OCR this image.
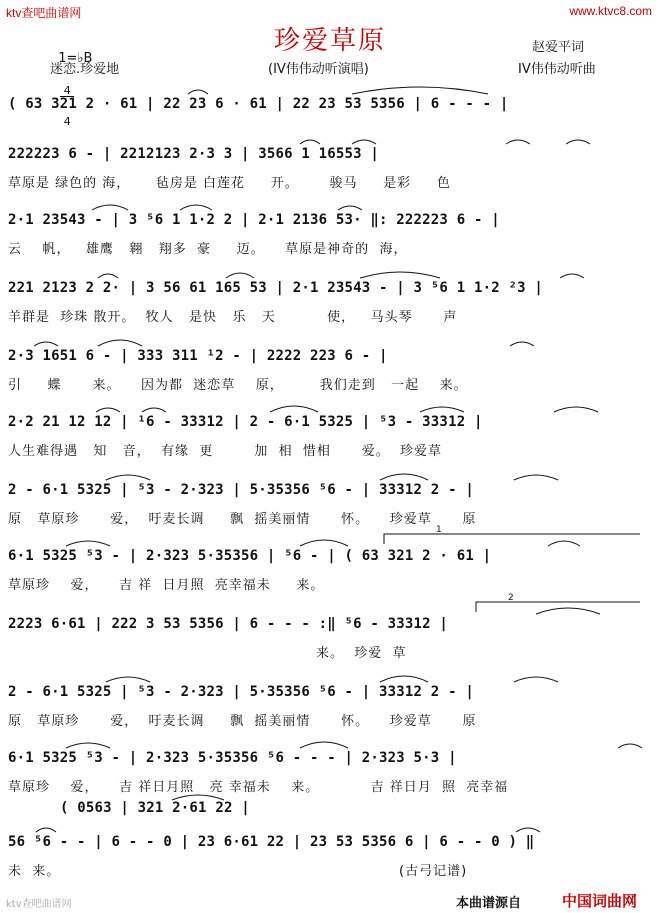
ktv查吧曲谱网	www.ktvc8.com
珍爱草原

1=♭B

$\frac{4}{4}$

迷恋.珍爱地	(IV伟伟动听演唱)
赵爱平词
IV伟伟动听曲
( 63 321 2 · 61 | 22 23 6 · 61 | 22 23 53 5356 | 6 - - - |
222223 6 - | 2212123 2·3 3 | 3566 1 16553 |
草原是 绿色的 海，     毡房是 白莲花     开。      骏马     是彩     色
2·1 23543 - | 3 ⁵6 1 1·2 2 | 2·1 2136 53· ‖: 222223 6 - |
云    帆，   雄鹰   翱   翔多  豪     迈。    草原是神奇的  海，
221 2123 2 2· | 3 56 61 165 53 | 2·1 23543 - | 3 ⁵6 1 1·2 ²3 |
羊群是  珍珠 散开。  牧人   是快   乐   天          使，   马头琴      声
2·3 1651 6 - | 333 311 ¹2 - | 2222 223 6 - |
引     蝶      来。    因为都  迷恋草    原，       我们走到   一起    来。
2·2 21 12 12 | ¹6 - 33312 | 2 - 6·1 5325 | ⁵3 - 33312 |
人生难得遇   知   音，  有缘  更        加  相  惜相      爱。  珍爱草
2 - 6·1 5325 | ⁵3 - 2·323 | 5·35356 ⁵6 - | 33312 2 - |
原   草原珍      爱，  吁麦长调     飘  摇美丽情      怀。    珍爱草      原
6·1 5325 ⁵3 - | 2·323 5·35356 | ⁵6 - | ( 63 321 2 · 61 |
草原珍    爱，    吉 祥  日月照  亮幸福未     来。
2223 6·61 | 222 3 53 5356 | 6 - - - :‖ ⁵6 - 33312 |
来。  珍爱  草
2 - 6·1 5325 | ⁵3 - 2·323 | 5·35356 ⁵6 - | 33312 2 - |
原   草原珍      爱，  吁麦长调     飘  摇美丽情      怀。    珍爱草      原
6·1 5325 ⁵3 - | 2·323 5·35356 ⁵6 - - - | 2·323 5·3 |
草原珍    爱，    吉 祥日月照   亮 幸福未    来。          吉 祥日月  照  亮幸福
( 0563 | 321 2·61 22 |
56 ⁵6 - - | 6 - - 0 | 23 6·61 22 | 23 53 5356 6 | 6 - - 0 ) ‖
未  来。                                                                  (古弓记谱)
1
2
ktv查吧曲谱网	本曲谱源自	中国词曲网
